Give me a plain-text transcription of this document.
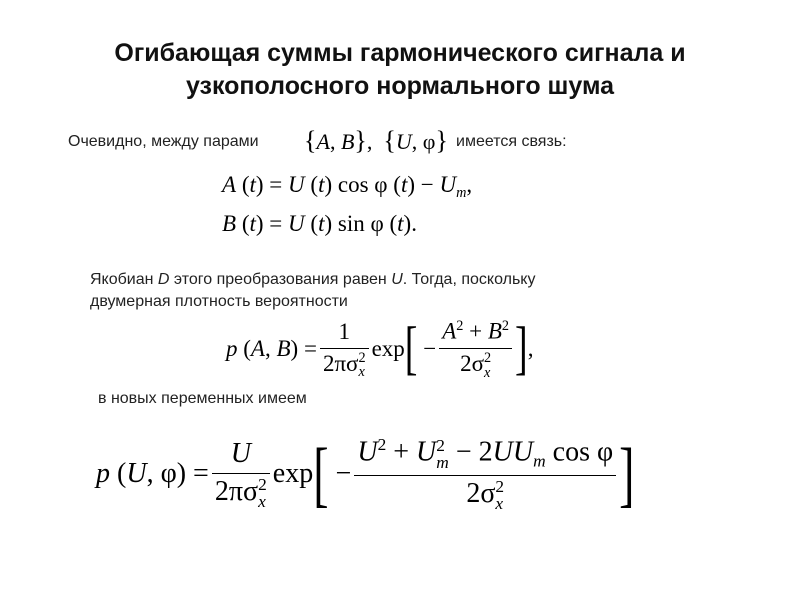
Огибающая суммы гармонического сигнала и
узкополосного нормального шума
Очевидно, между парами {A, B},  {U, φ} имеется связь:
A (t) = U (t) cos φ $(t) - U_m$,
B (t) = U (t) sin φ (t).
Якобиан D этого преобразования равен U. Тогда, поскольку
двумерная плотность вероятности
p (A, B) = 1
2πσ 2
x exp [ − $A^2 + B^2$
2σ 2
x ] ,
в новых переменных имеем
p (U, φ) = U
2πσ 2
x exp [ − $U^2 + U$ 2
$m - 2UU_m$ cos φ
2σ 2
x ]
